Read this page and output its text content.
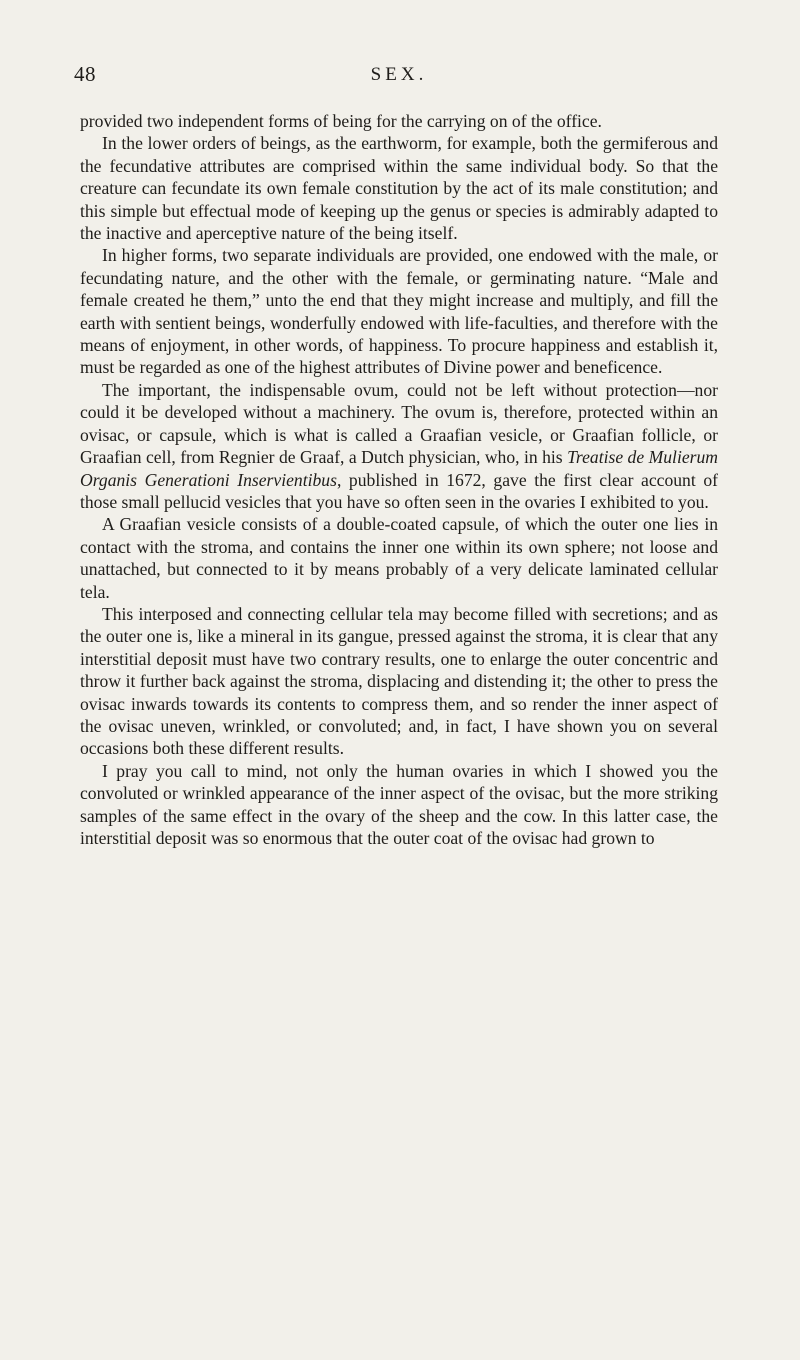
48	SEX.

provided two independent forms of being for the carrying on of the office.

In the lower orders of beings, as the earthworm, for example, both the germiferous and the fecundative attributes are comprised within the same individual body. So that the creature can fecundate its own female constitution by the act of its male constitution; and this simple but effectual mode of keeping up the genus or species is admirably adapted to the inactive and aperceptive nature of the being itself.

In higher forms, two separate individuals are provided, one endowed with the male, or fecundating nature, and the other with the female, or germinating nature. “Male and female created he them,” unto the end that they might increase and multiply, and fill the earth with sentient beings, wonderfully endowed with life-faculties, and therefore with the means of enjoyment, in other words, of happiness. To procure happiness and establish it, must be regarded as one of the highest attributes of Divine power and beneficence.

The important, the indispensable ovum, could not be left without protection—nor could it be developed without a machinery. The ovum is, therefore, protected within an ovisac, or capsule, which is what is called a Graafian vesicle, or Graafian follicle, or Graafian cell, from Regnier de Graaf, a Dutch physician, who, in his Treatise de Mulierum Organis Generationi Inservientibus, published in 1672, gave the first clear account of those small pellucid vesicles that you have so often seen in the ovaries I exhibited to you.

A Graafian vesicle consists of a double-coated capsule, of which the outer one lies in contact with the stroma, and contains the inner one within its own sphere; not loose and unattached, but connected to it by means probably of a very delicate laminated cellular tela.

This interposed and connecting cellular tela may become filled with secretions; and as the outer one is, like a mineral in its gangue, pressed against the stroma, it is clear that any interstitial deposit must have two contrary results, one to enlarge the outer concentric and throw it further back against the stroma, displacing and distending it; the other to press the ovisac inwards towards its contents to compress them, and so render the inner aspect of the ovisac uneven, wrinkled, or convoluted; and, in fact, I have shown you on several occasions both these different results.

I pray you call to mind, not only the human ovaries in which I showed you the convoluted or wrinkled appearance of the inner aspect of the ovisac, but the more striking samples of the same effect in the ovary of the sheep and the cow. In this latter case, the interstitial deposit was so enormous that the outer coat of the ovisac had grown to
